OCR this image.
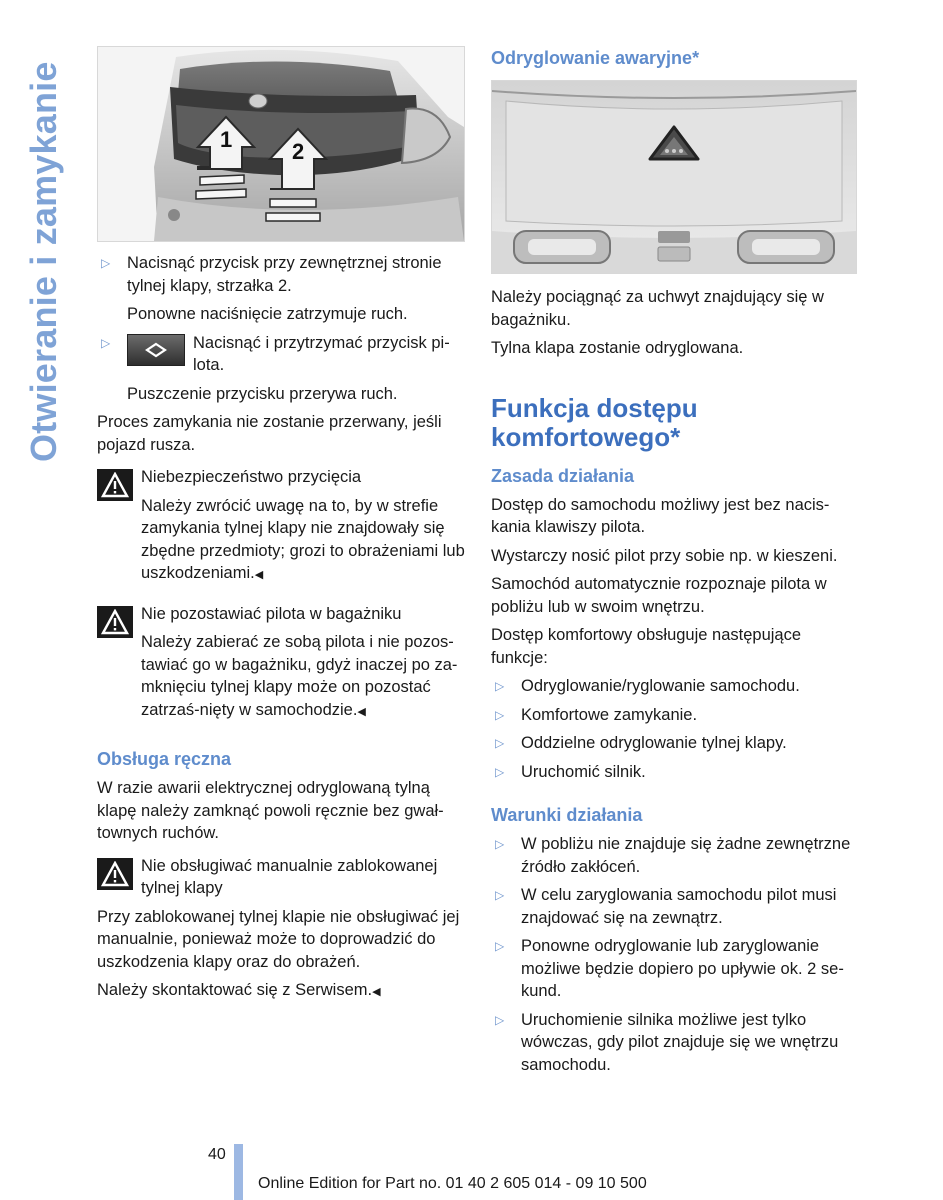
Otwieranie i zamykanie	1	2
▷ Nacisnąć przycisk przy zewnętrznej stronie tylnej klapy, strzałka 2.

Ponowne naciśnięcie zatrzymuje ruch.

▷	Nacisnąć i przytrzymać przycisk pi-lota.

Puszczenie przycisku przerywa ruch.

Proces zamykania nie zostanie przerwany, jeśli pojazd rusza.

Niebezpieczeństwo przycięcia

Należy zwrócić uwagę na to, by w strefie zamykania tylnej klapy nie znajdowały się zbędne przedmioty; grozi to obrażeniami lub uszkodzeniami.◀

Nie pozostawiać pilota w bagażniku

Należy zabierać ze sobą pilota i nie pozos-tawiać go w bagażniku, gdyż inaczej po za-mknięciu tylnej klapy może on pozostać zatrzaś-nięty w samochodzie.◀

Obsługa ręczna

W razie awarii elektrycznej odryglowaną tylną klapę należy zamknąć powoli ręcznie bez gwał-townych ruchów.

Nie obsługiwać manualnie zablokowanej tylnej klapy

Przy zablokowanej tylnej klapie nie obsługiwać jej manualnie, ponieważ może to doprowadzić do uszkodzenia klapy oraz do obrażeń.

Należy skontaktować się z Serwisem.◀

Odryglowanie awaryjne*

Należy pociągnąć za uchwyt znajdujący się w bagażniku.

Tylna klapa zostanie odryglowana.

Funkcja dostępu komfortowego*
Zasada działania

Dostęp do samochodu możliwy jest bez nacis-kania klawiszy pilota.

Wystarczy nosić pilot przy sobie np. w kieszeni.

Samochód automatycznie rozpoznaje pilota w pobliżu lub w swoim wnętrzu.

Dostęp komfortowy obsługuje następujące funkcje:

▷ Odryglowanie/ryglowanie samochodu.
▷ Komfortowe zamykanie.
▷ Oddzielne odryglowanie tylnej klapy.
▷ Uruchomić silnik.
Warunki działania
▷ W pobliżu nie znajduje się żadne zewnętrzne źródło zakłóceń.
▷ W celu zaryglowania samochodu pilot musi znajdować się na zewnątrz.
▷ Ponowne odryglowanie lub zaryglowanie możliwe będzie dopiero po upływie ok. 2 se-kund.
▷ Uruchomienie silnika możliwe jest tylko wówczas, gdy pilot znajduje się we wnętrzu samochodu.
40
Online Edition for Part no. 01 40 2 605 014 - 09 10 500
